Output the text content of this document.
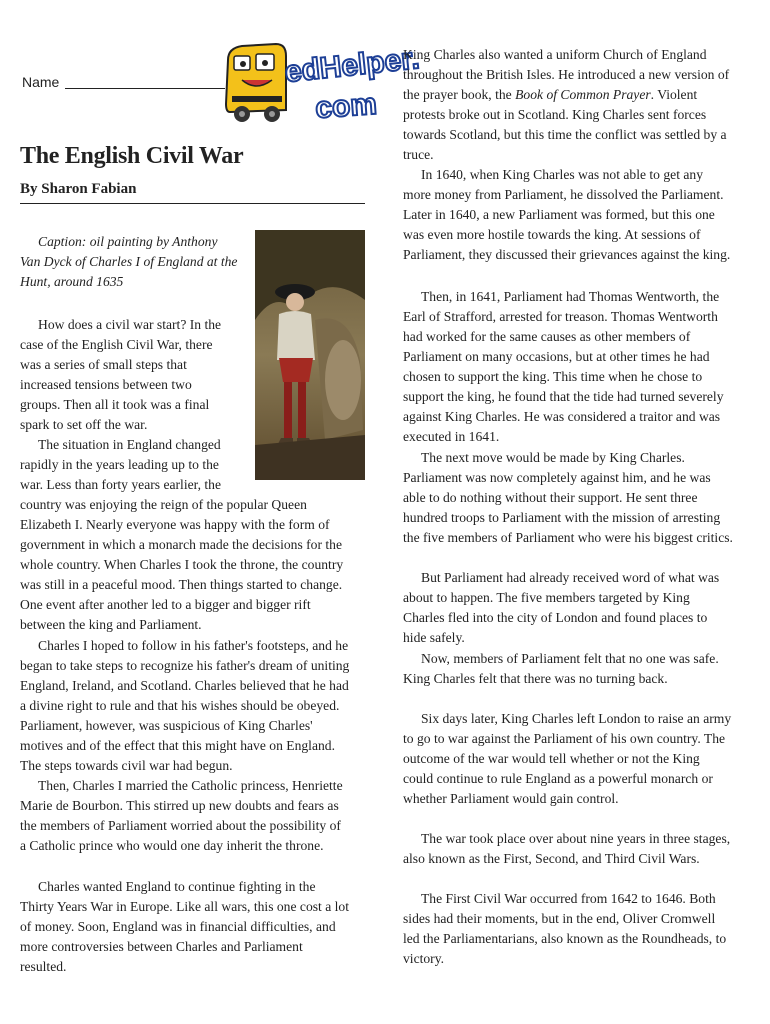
Name	edHelper.
com
The English Civil War
By Sharon Fabian

Caption: oil painting by Anthony Van Dyck of Charles I of England at the Hunt, around 1635

How does a civil war start? In the case of the English Civil War, there was a series of small steps that increased tensions between two groups. Then all it took was a final spark to set off the war.

The situation in England changed rapidly in the years leading up to the war. Less than forty years earlier, the country was enjoying the reign of the popular Queen Elizabeth I. Nearly everyone was happy with the form of government in which a monarch made the decisions for the whole country. When Charles I took the throne, the country was still in a peaceful mood. Then things started to change. One event after another led to a bigger and bigger rift between the king and Parliament.

Charles I hoped to follow in his father's footsteps, and he began to take steps to recognize his father's dream of uniting England, Ireland, and Scotland. Charles believed that he had a divine right to rule and that his wishes should be obeyed. Parliament, however, was suspicious of King Charles' motives and of the effect that this might have on England. The steps towards civil war had begun.

Then, Charles I married the Catholic princess, Henriette Marie de Bourbon. This stirred up new doubts and fears as the members of Parliament worried about the possibility of a Catholic prince who would one day inherit the throne.

Charles wanted England to continue fighting in the Thirty Years War in Europe. Like all wars, this one cost a lot of money. Soon, England was in financial difficulties, and more controversies between Charles and Parliament resulted.

King Charles also wanted a uniform Church of England throughout the British Isles. He introduced a new version of the prayer book, the Book of Common Prayer. Violent protests broke out in Scotland. King Charles sent forces towards Scotland, but this time the conflict was settled by a truce.

In 1640, when King Charles was not able to get any more money from Parliament, he dissolved the Parliament. Later in 1640, a new Parliament was formed, but this one was even more hostile towards the king. At sessions of Parliament, they discussed their grievances against the king.

Then, in 1641, Parliament had Thomas Wentworth, the Earl of Strafford, arrested for treason. Thomas Wentworth had worked for the same causes as other members of Parliament on many occasions, but at other times he had chosen to support the king. This time when he chose to support the king, he found that the tide had turned severely against King Charles. He was considered a traitor and was executed in 1641.

The next move would be made by King Charles. Parliament was now completely against him, and he was able to do nothing without their support. He sent three hundred troops to Parliament with the mission of arresting the five members of Parliament who were his biggest critics.

But Parliament had already received word of what was about to happen. The five members targeted by King Charles fled into the city of London and found places to hide safely.

Now, members of Parliament felt that no one was safe. King Charles felt that there was no turning back.

Six days later, King Charles left London to raise an army to go to war against the Parliament of his own country. The outcome of the war would tell whether or not the King could continue to rule England as a powerful monarch or whether Parliament would gain control.

The war took place over about nine years in three stages, also known as the First, Second, and Third Civil Wars.

The First Civil War occurred from 1642 to 1646. Both sides had their moments, but in the end, Oliver Cromwell led the Parliamentarians, also known as the Roundheads, to victory.
